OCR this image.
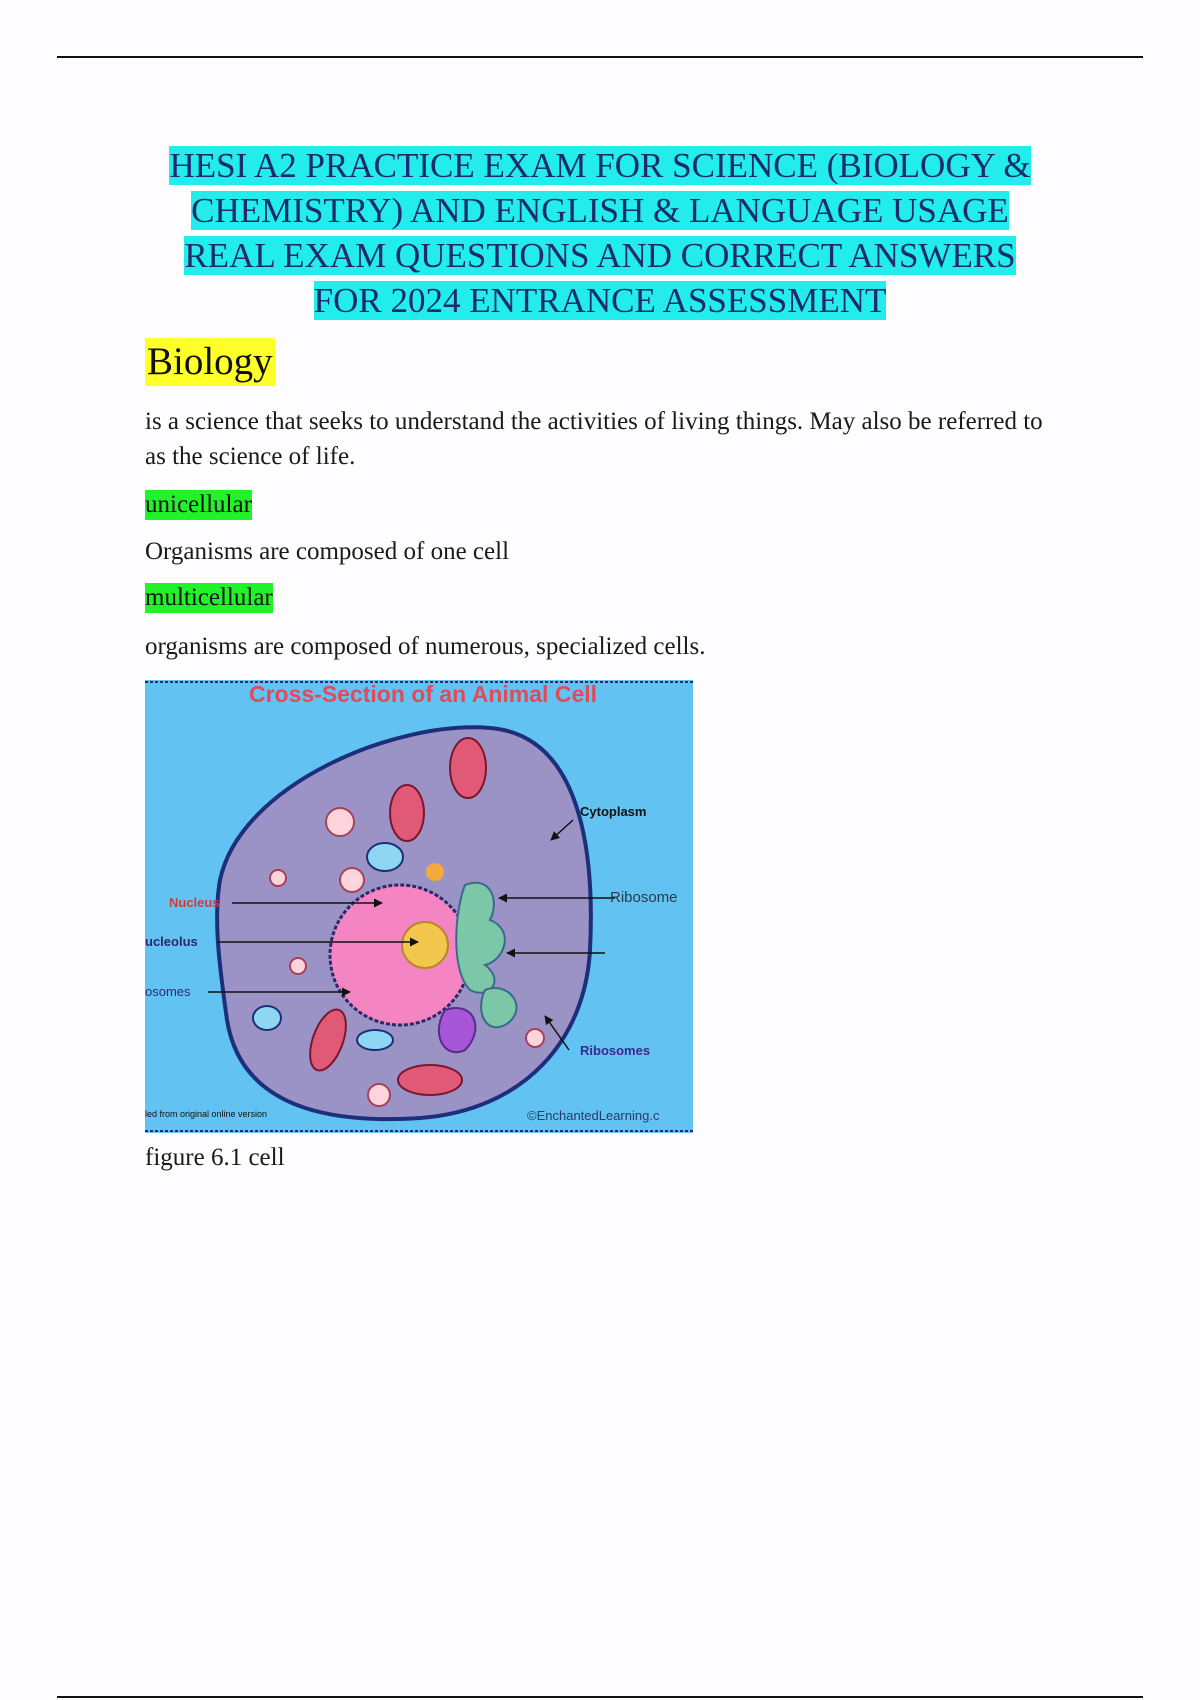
HESI A2 PRACTICE EXAM FOR SCIENCE (BIOLOGY &
CHEMISTRY) AND ENGLISH & LANGUAGE USAGE
REAL EXAM QUESTIONS AND CORRECT ANSWERS
FOR 2024 ENTRANCE ASSESSMENT
Biology

is a science that seeks to understand the activities of living things. May also be referred to as the science of life.

unicellular

Organisms are composed of one cell

multicellular

organisms are composed of numerous, specialized cells.

Cross-Section of an Animal Cell
Cytoplasm
Ribosome
Nucleus
ucleolus
osomes
Ribosomes
led from original online version	©EnchantedLearning.c
figure 6.1 cell
